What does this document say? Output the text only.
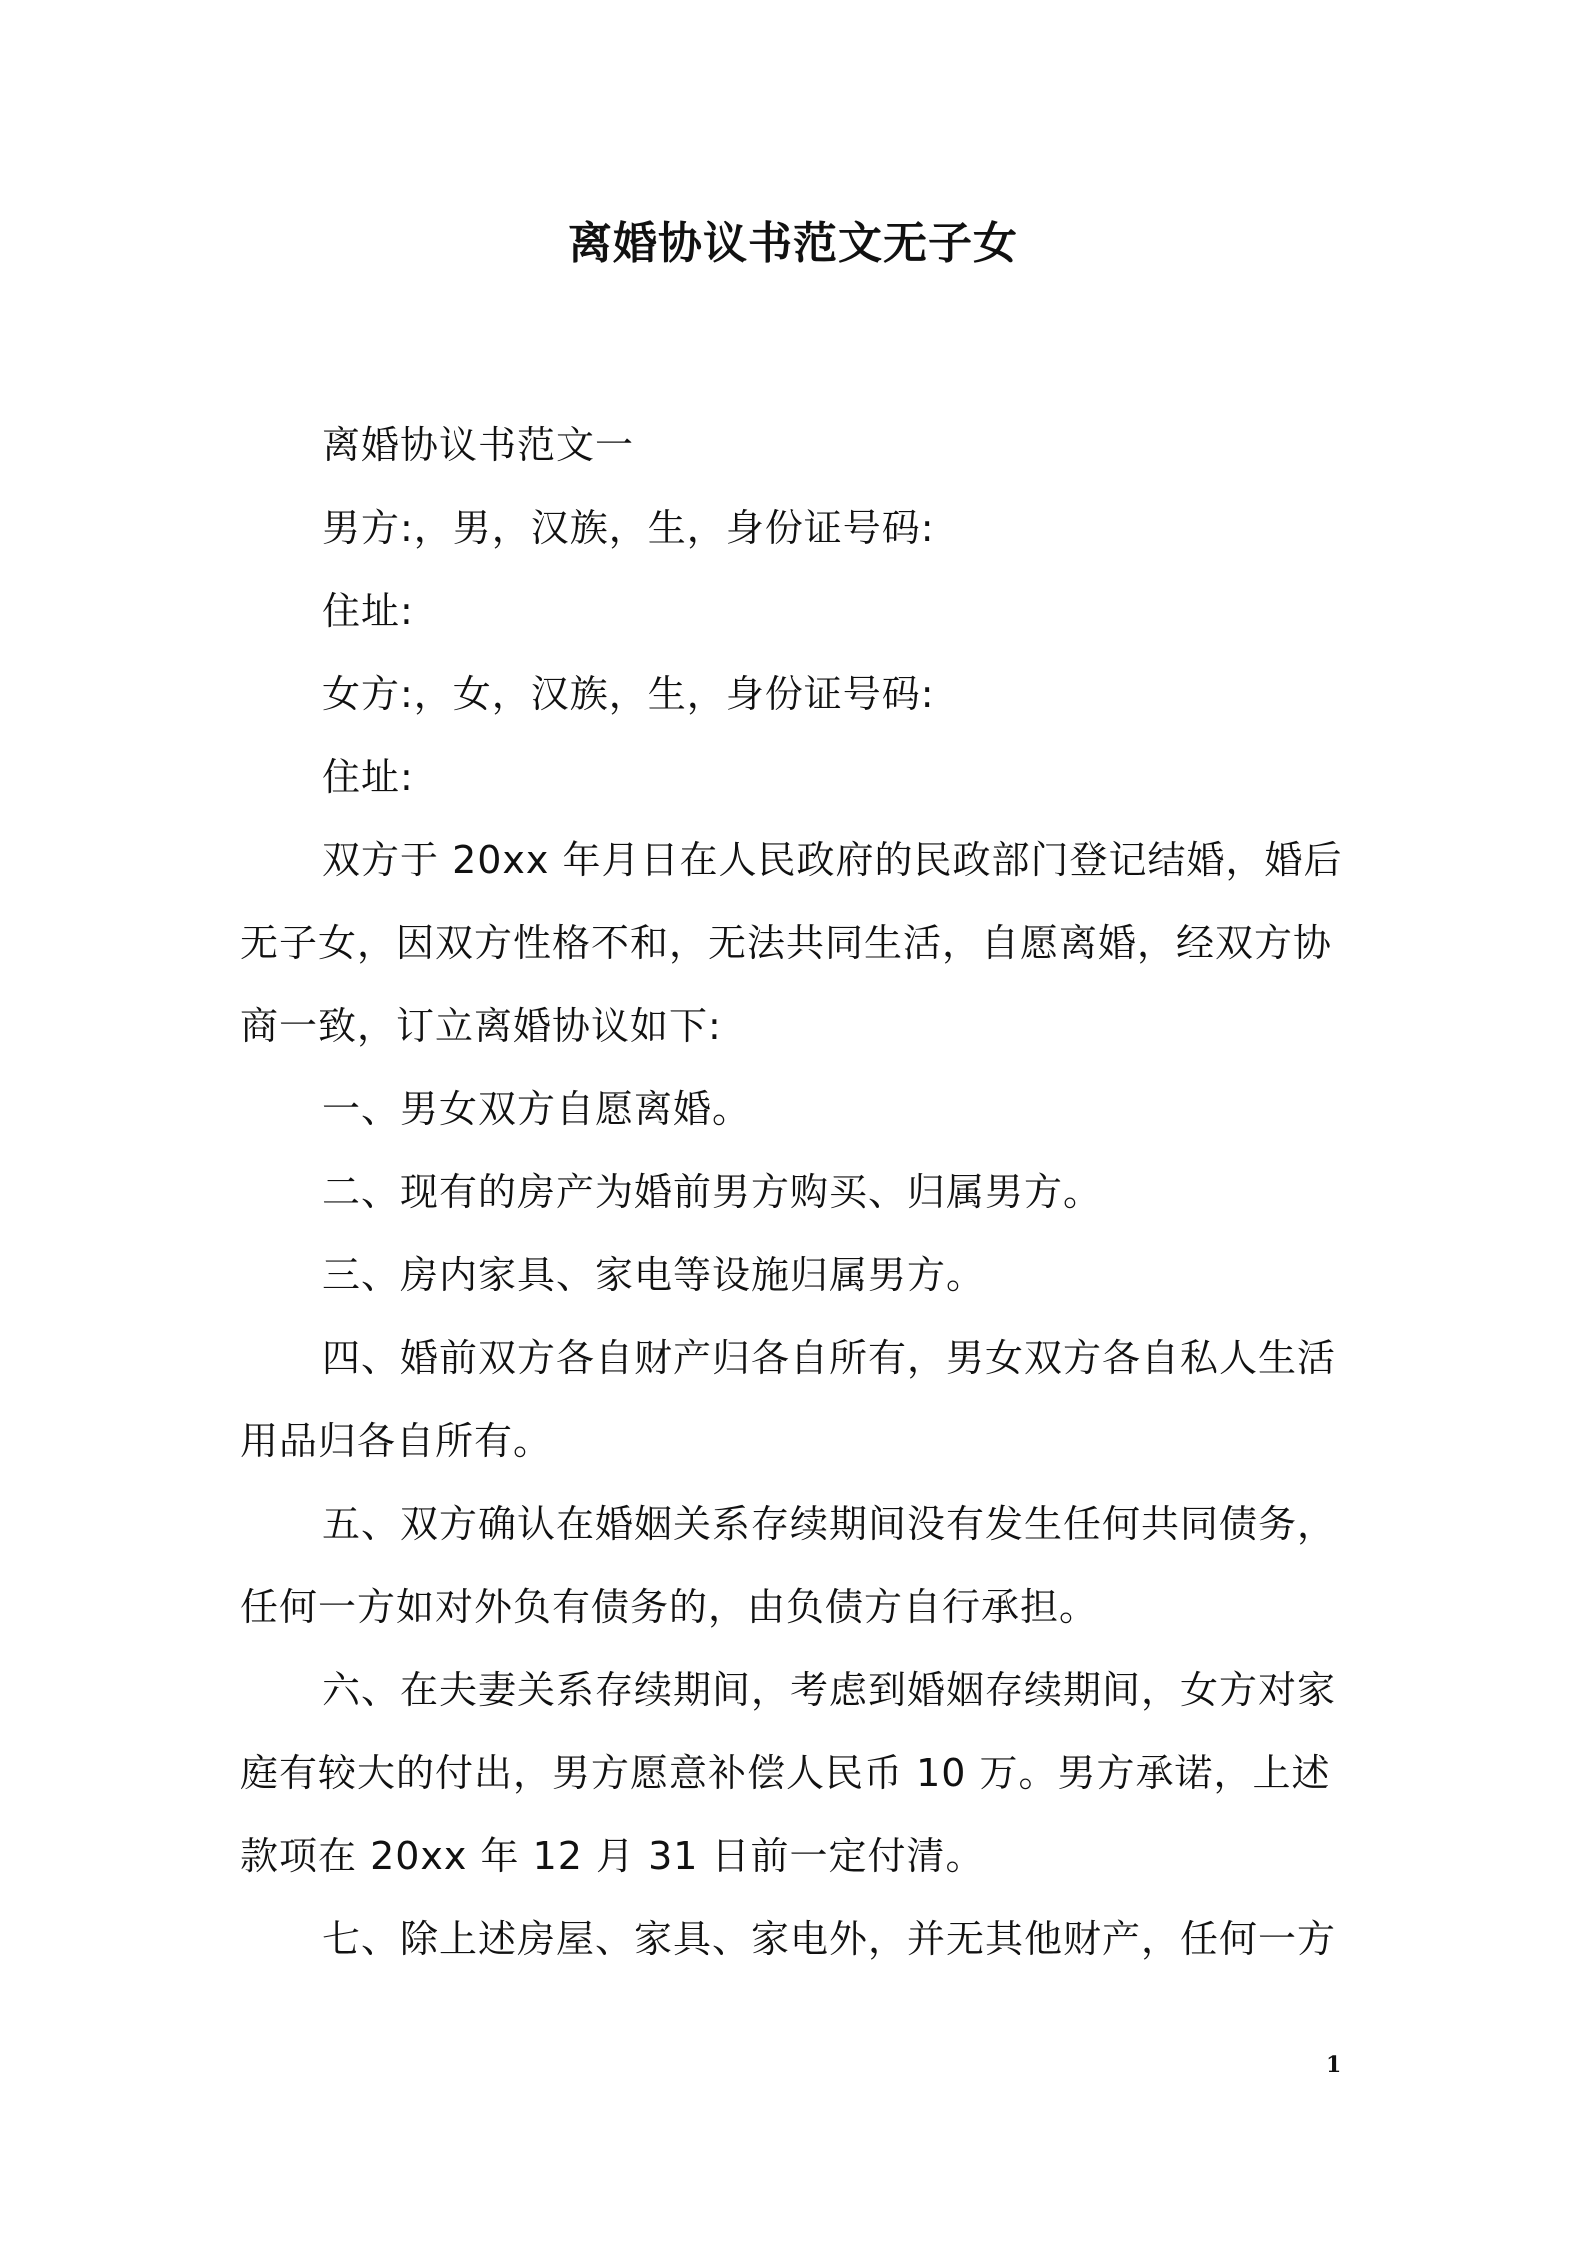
离婚协议书范文无子女

离婚协议书范文一

男方:，男，汉族，生，身份证号码:

住址:

女方:，女，汉族，生，身份证号码:

住址:

双方于 20xx 年月日在人民政府的民政部门登记结婚，婚后无子女，因双方性格不和，无法共同生活，自愿离婚，经双方协商一致，订立离婚协议如下:

一、男女双方自愿离婚。

二、现有的房产为婚前男方购买、归属男方。

三、房内家具、家电等设施归属男方。

四、婚前双方各自财产归各自所有，男女双方各自私人生活用品归各自所有。

五、双方确认在婚姻关系存续期间没有发生任何共同债务，任何一方如对外负有债务的，由负债方自行承担。

六、在夫妻关系存续期间，考虑到婚姻存续期间，女方对家庭有较大的付出，男方愿意补偿人民币 10 万。男方承诺，上述款项在 20xx 年 12 月 31 日前一定付清。

七、除上述房屋、家具、家电外，并无其他财产，任何一方

1
